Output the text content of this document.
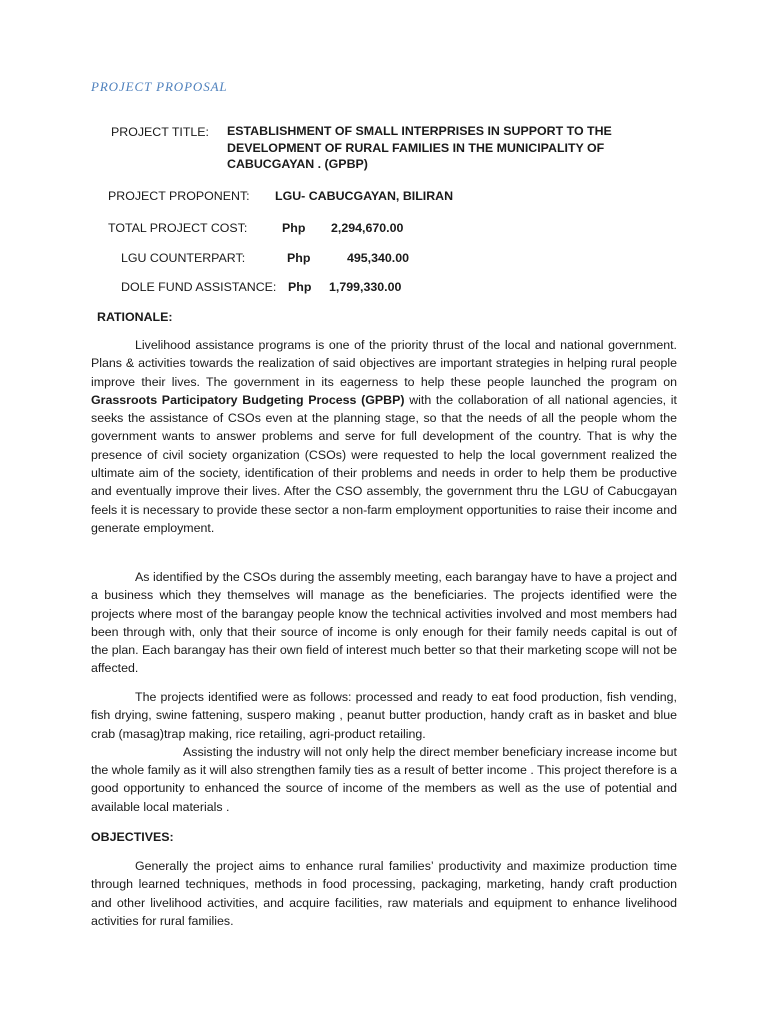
PROJECT PROPOSAL
PROJECT TITLE: ESTABLISHMENT OF SMALL INTERPRISES IN SUPPORT TO THE DEVELOPMENT OF RURAL FAMILIES IN THE MUNICIPALITY OF CABUCGAYAN . (GPBP)
PROJECT PROPONENT: LGU- CABUCGAYAN, BILIRAN
TOTAL PROJECT COST:	Php 2,294,670.00
LGU COUNTERPART:	Php	495,340.00
DOLE FUND ASSISTANCE: Php 1,799,330.00
RATIONALE:

Livelihood assistance programs is one of the priority thrust of the local and national government. Plans & activities towards the realization of said objectives are important strategies in helping rural people improve their lives. The government in its eagerness to help these people launched the program on Grassroots Participatory Budgeting Process (GPBP) with the collaboration of all national agencies, it seeks the assistance of CSOs even at the planning stage, so that the needs of all the people whom the government wants to answer problems and serve for full development of the country. That is why the presence of civil society organization (CSOs) were requested to help the local government realized the ultimate aim of the society, identification of their problems and needs in order to help them be productive and eventually improve their lives. After the CSO assembly, the government thru the LGU of Cabucgayan feels it is necessary to provide these sector a non-farm employment opportunities to raise their income and generate employment.

As identified by the CSOs during the assembly meeting, each barangay have to have a project and a business which they themselves will manage as the beneficiaries. The projects identified were the projects where most of the barangay people know the technical activities involved and most members had been through with, only that their source of income is only enough for their family needs capital is out of the plan. Each barangay has their own field of interest much better so that their marketing scope will not be affected.

The projects identified were as follows: processed and ready to eat food production, fish vending, fish drying, swine fattening, suspero making , peanut butter production, handy craft as in basket and blue crab (masag)trap making, rice retailing, agri-product retailing.
Assisting the industry will not only help the direct member beneficiary increase income but the whole family as it will also strengthen family ties as a result of better income . This project therefore is a good opportunity to enhanced the source of income of the members as well as the use of potential and available local materials .

OBJECTIVES:

Generally the project aims to enhance rural families’ productivity and maximize production time through learned techniques, methods in food processing, packaging, marketing, handy craft production and other livelihood activities, and acquire facilities, raw materials and equipment to enhance livelihood activities for rural families.
